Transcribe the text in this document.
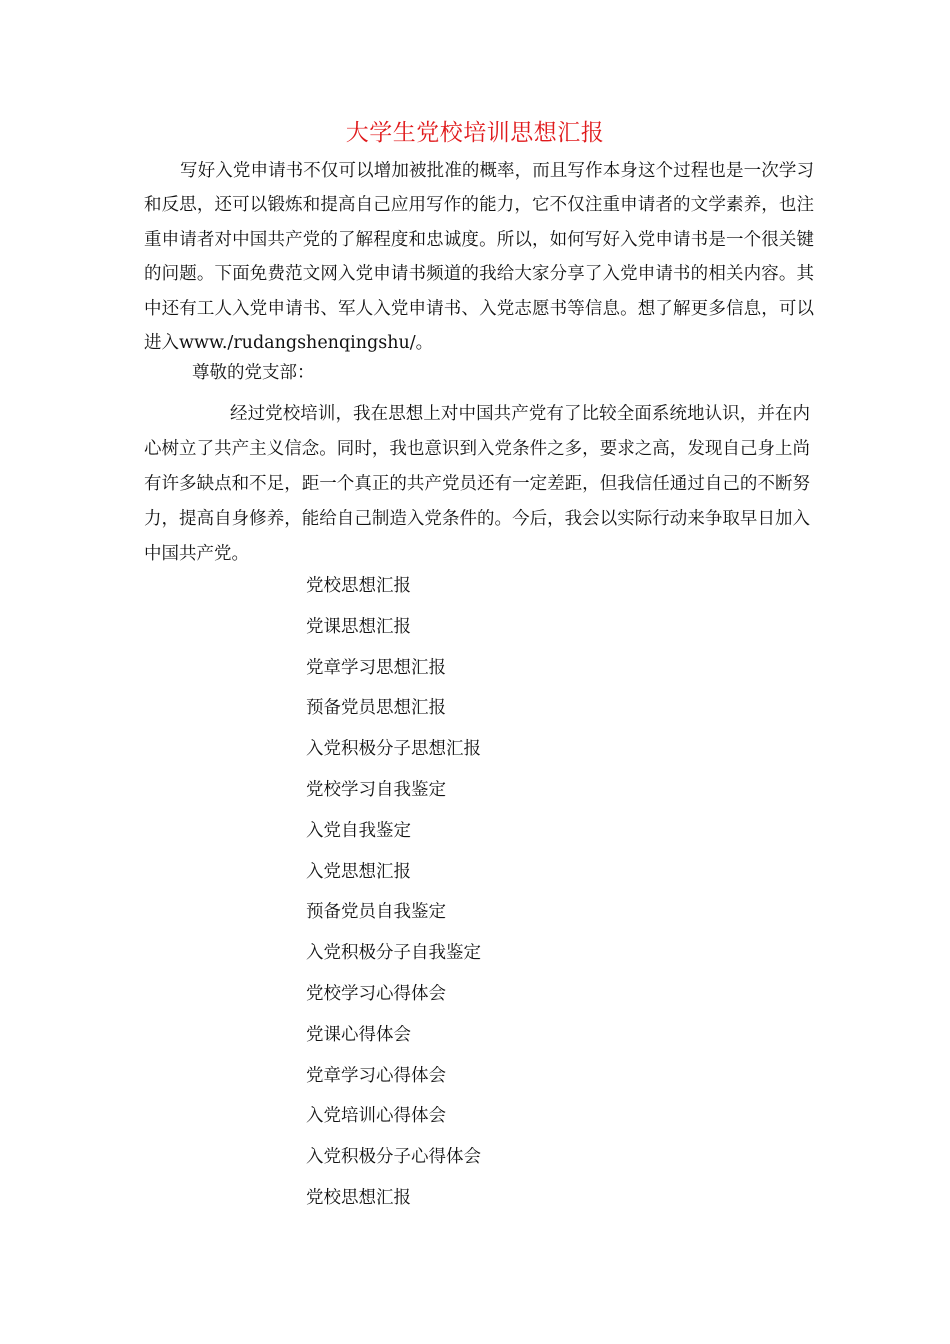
大学生党校培训思想汇报

写好入党申请书不仅可以增加被批准的概率，而且写作本身这个过程也是一次学习和反思，还可以锻炼和提高自己应用写作的能力，它不仅注重申请者的文学素养，也注重申请者对中国共产党的了解程度和忠诚度。所以，如何写好入党申请书是一个很关键的问题。下面免费范文网入党申请书频道的我给大家分享了入党申请书的相关内容。其中还有工人入党申请书、军人入党申请书、入党志愿书等信息。想了解更多信息，可以进入www./rudangshenqingshu/。

尊敬的党支部：

经过党校培训，我在思想上对中国共产党有了比较全面系统地认识，并在内心树立了共产主义信念。同时，我也意识到入党条件之多，要求之高，发现自己身上尚有许多缺点和不足，距一个真正的共产党员还有一定差距，但我信任通过自己的不断努力，提高自身修养，能给自己制造入党条件的。今后，我会以实际行动来争取早日加入中国共产党。

党校思想汇报
党课思想汇报
党章学习思想汇报
预备党员思想汇报
入党积极分子思想汇报
党校学习自我鉴定
入党自我鉴定
入党思想汇报
预备党员自我鉴定
入党积极分子自我鉴定
党校学习心得体会
党课心得体会
党章学习心得体会
入党培训心得体会
入党积极分子心得体会
党校思想汇报
